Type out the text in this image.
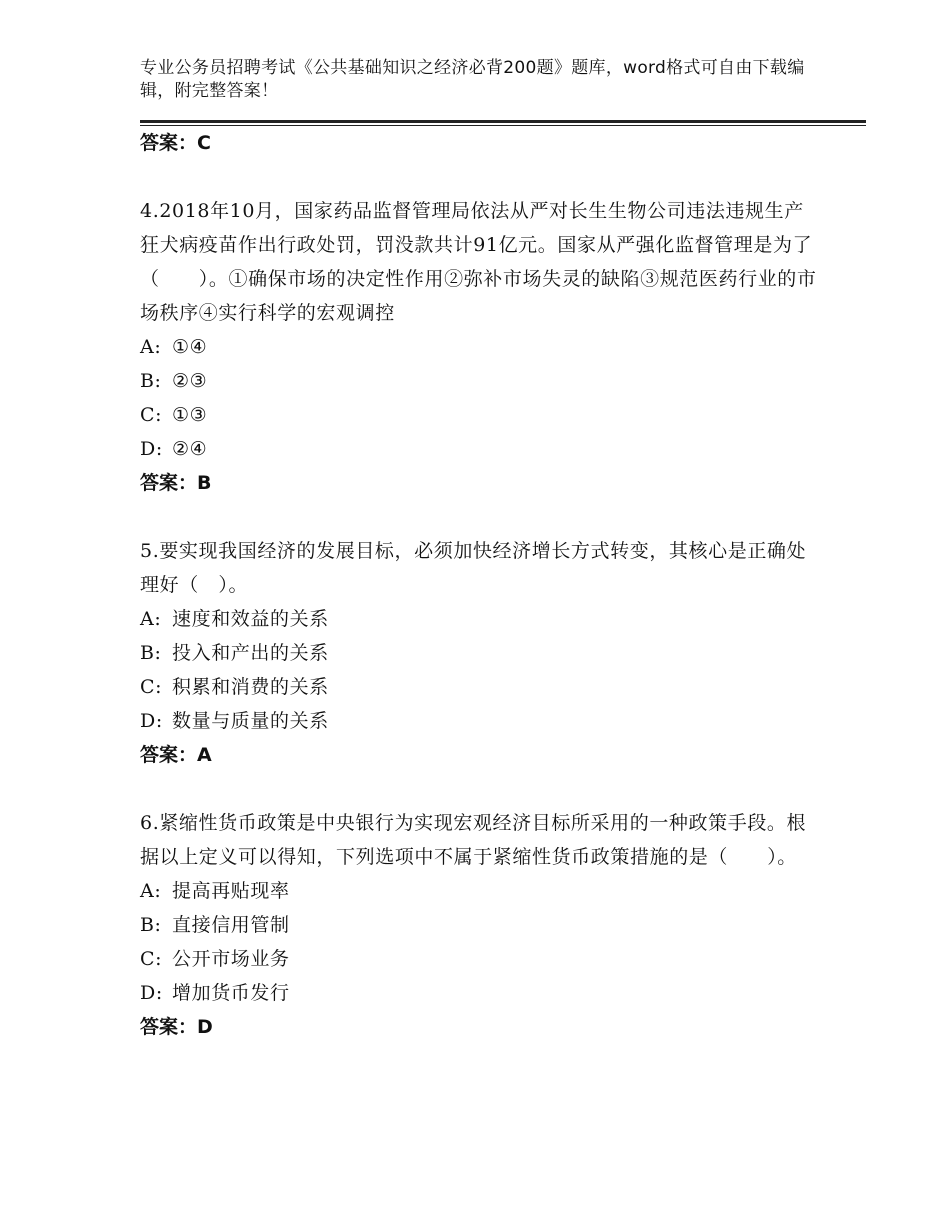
专业公务员招聘考试《公共基础知识之经济必背200题》题库，word格式可自由下载编辑，附完整答案！
答案：C

4.2018年10月，国家药品监督管理局依法从严对长生生物公司违法违规生产狂犬病疫苗作出行政处罚，罚没款共计91亿元。国家从严强化监督管理是为了（　　）。①确保市场的决定性作用②弥补市场失灵的缺陷③规范医药行业的市场秩序④实行科学的宏观调控

A: ①④
B: ②③
C: ①③
D: ②④
答案：B

5.要实现我国经济的发展目标，必须加快经济增长方式转变，其核心是正确处理好（　）。

A: 速度和效益的关系
B: 投入和产出的关系
C: 积累和消费的关系
D: 数量与质量的关系
答案：A

6.紧缩性货币政策是中央银行为实现宏观经济目标所采用的一种政策手段。根据以上定义可以得知，下列选项中不属于紧缩性货币政策措施的是（　　）。

A: 提高再贴现率
B: 直接信用管制
C: 公开市场业务
D: 增加货币发行
答案：D
